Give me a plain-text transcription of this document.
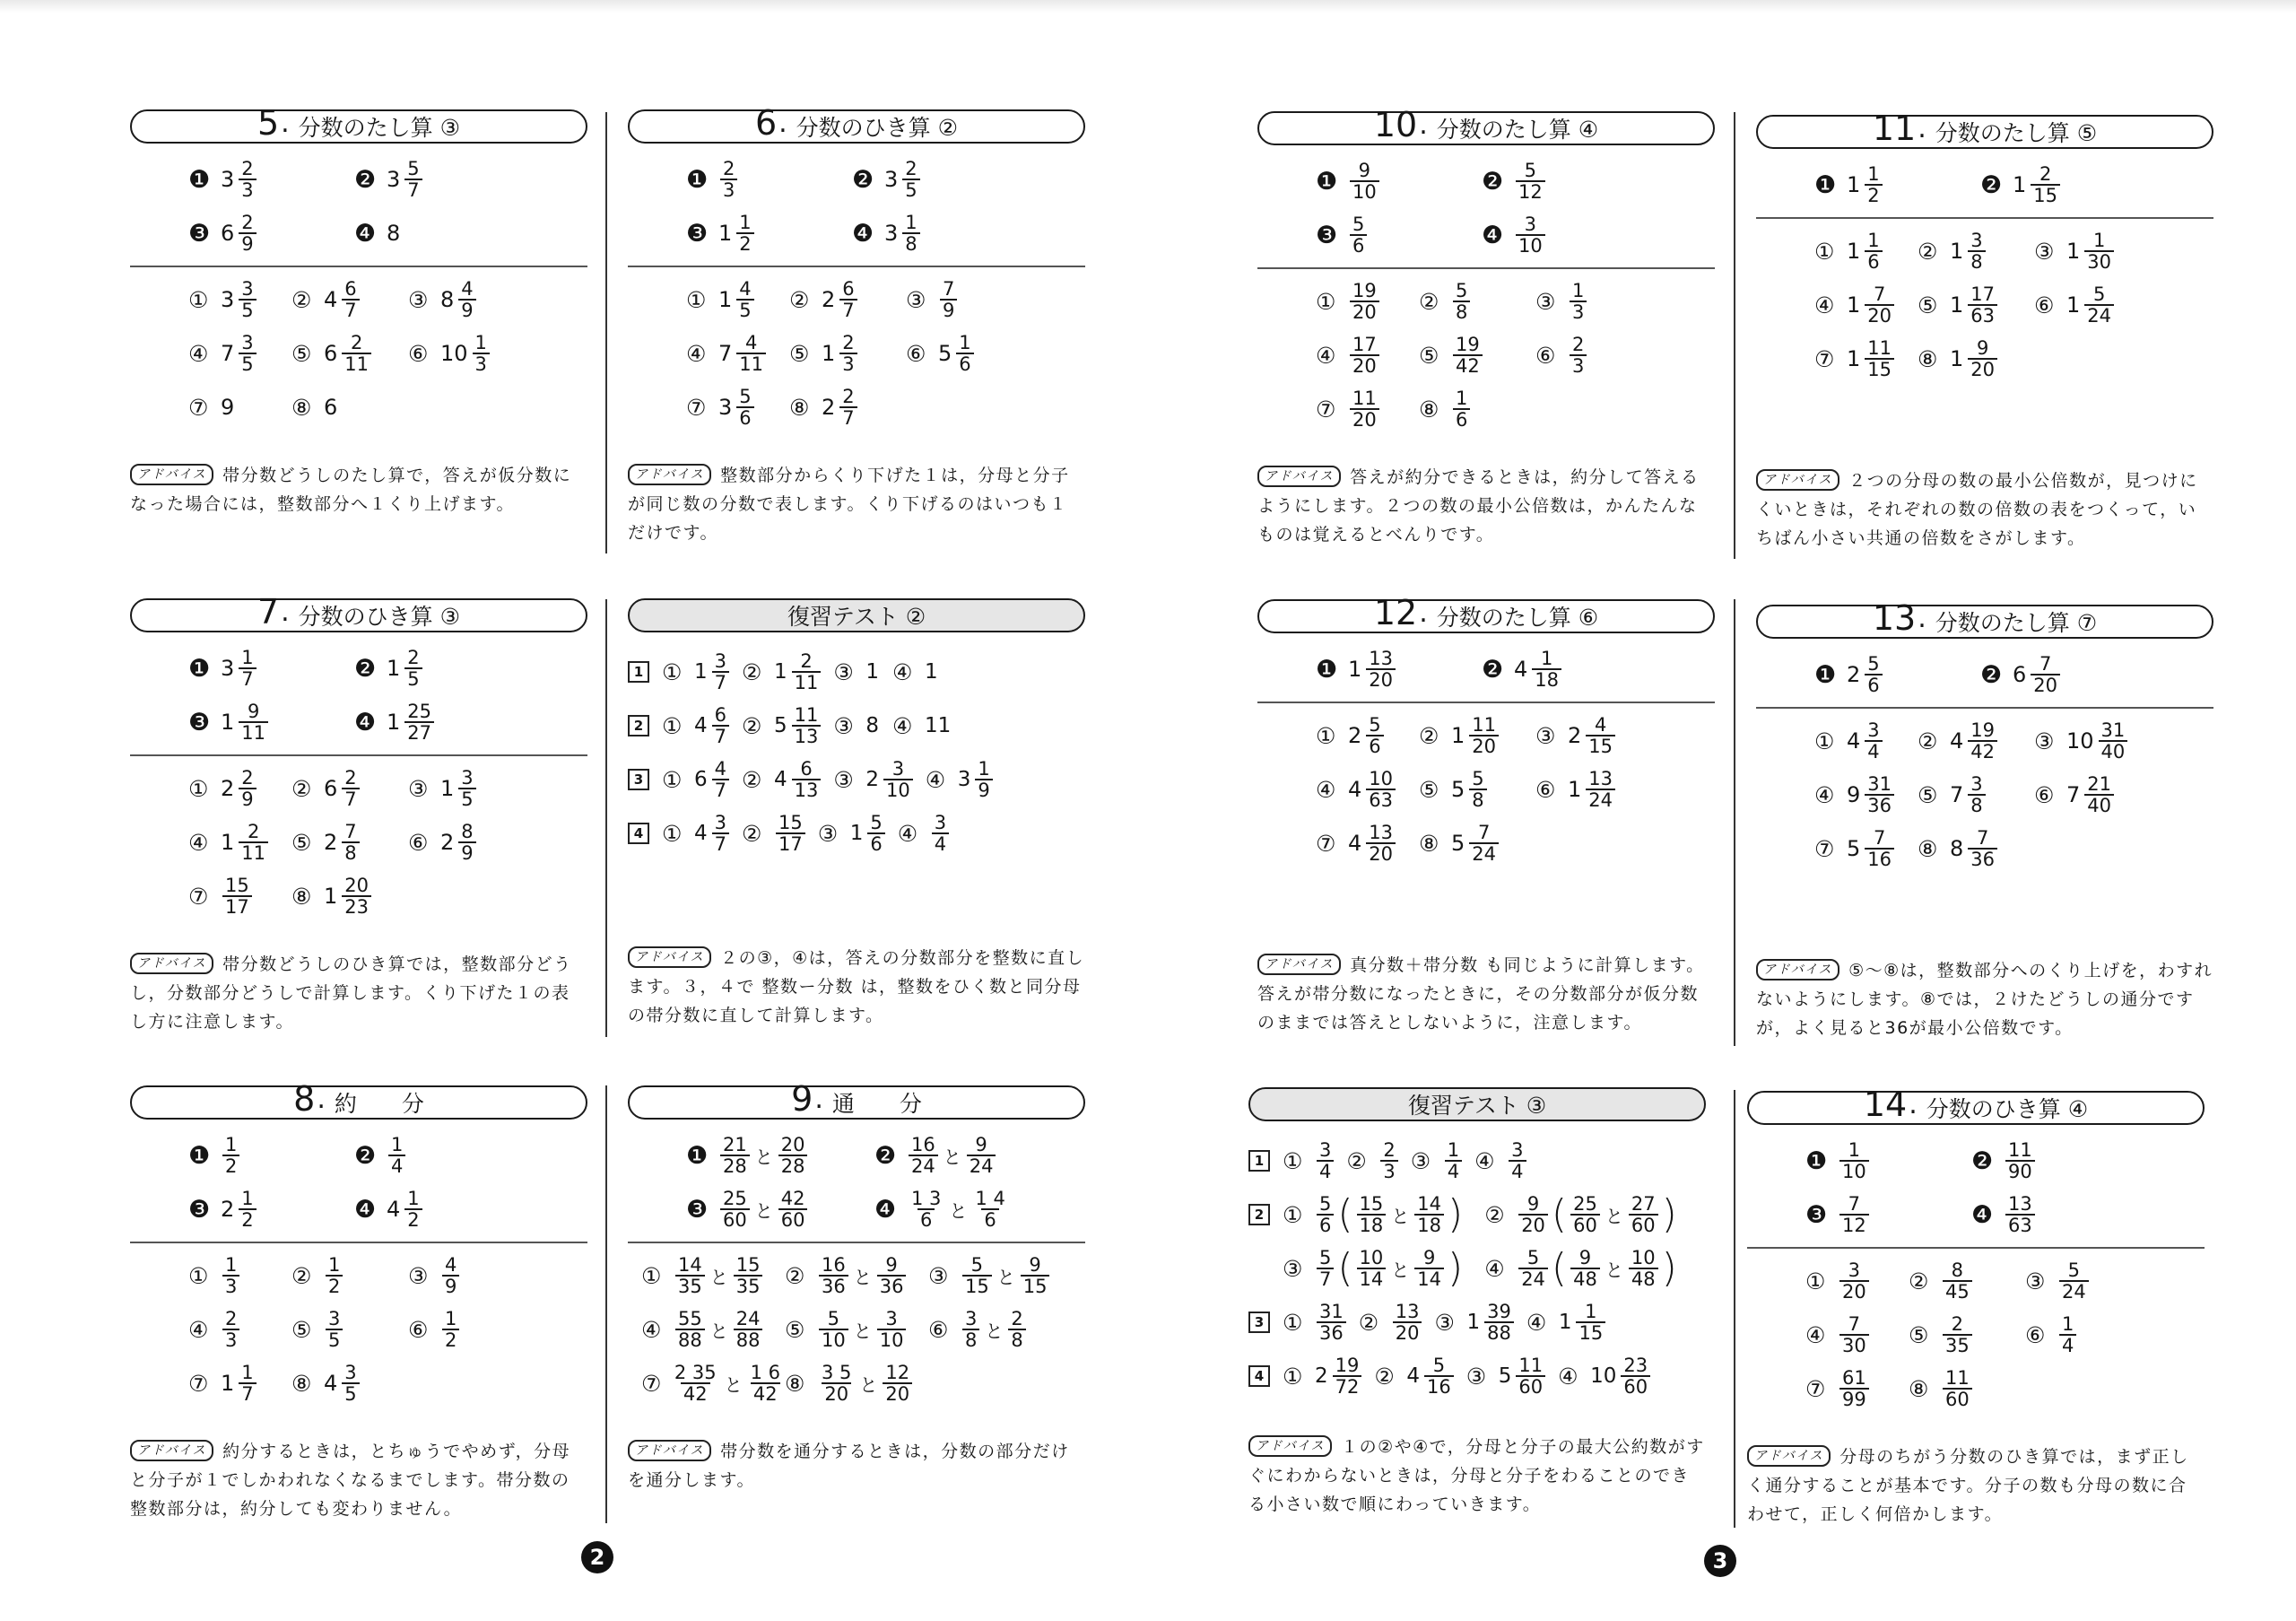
5 . 分数のたし算 ③
❶ $3 \frac{2}{3}$	❷ $3 \frac{5}{7}$
❸ $6 \frac{2}{9}$	❹ 8
① $3 \frac{3}{5}$ ② $4 \frac{6}{7}$ ③ $8 \frac{4}{9}$
④ $7 \frac{3}{5}$ ⑤ $6 \frac{2}{11}$ ⑥ $10 \frac{1}{3}$
⑦ 9	⑧ 6
アドバイス 帯分数どうしのたし算で，答えが仮分数になった場合には，整数部分へ１くり上げます。
6 . 分数のひき算 ②
❶ $\frac{2}{3}$	❷ $3 \frac{2}{5}$
❸ $1 \frac{1}{2}$	❹ $3 \frac{1}{8}$
① $1 \frac{4}{5}$ ② $2 \frac{6}{7}$ ③ $\frac{7}{9}$
④ $7 \frac{4}{11}$ ⑤ $1 \frac{2}{3}$ ⑥ $5 \frac{1}{6}$
⑦ $3 \frac{5}{6}$ ⑧ $2 \frac{2}{7}$
アドバイス 整数部分からくり下げた１は，分母と分子が同じ数の分数で表します。くり下げるのはいつも１だけです。
7 . 分数のひき算 ③
❶ $3 \frac{1}{7}$	❷ $1 \frac{2}{5}$
❸ $1 \frac{9}{11}$	❹ $1 \frac{25}{27}$
① $2 \frac{2}{9}$ ② $6 \frac{2}{7}$ ③ $1 \frac{3}{5}$
④ $1 \frac{2}{11}$ ⑤ $2 \frac{7}{8}$ ⑥ $2 \frac{8}{9}$
⑦ $\frac{15}{17}$ ⑧ $1 \frac{20}{23}$
アドバイス 帯分数どうしのひき算では，整数部分どうし，分数部分どうしで計算します。くり下げた１の表し方に注意します。
復習テスト ②
1 ① $1 \frac{3}{7}$ ② $1 \frac{2}{11}$ ③ 1 ④ 1
2 ① $4 \frac{6}{7}$ ② $5 \frac{11}{13}$ ③ 8 ④ 11
3 ① $6 \frac{4}{7}$ ② $4 \frac{6}{13}$ ③ $2 \frac{3}{10}$ ④ $3 \frac{1}{9}$
4 ① $4 \frac{3}{7}$ ② $\frac{15}{17}$ ③ $1 \frac{5}{6}$ ④ $\frac{3}{4}$
アドバイス ２の③，④は，答えの分数部分を整数に直します。３，４で 整数ー分数 は，整数をひく数と同分母の帯分数に直して計算します。
8 . 約　　分
❶ $\frac{1}{2}$	❷ $\frac{1}{4}$
❸ $2 \frac{1}{2}$	❹ $4 \frac{1}{2}$
① $\frac{1}{3}$ ② $\frac{1}{2}$	③ $\frac{4}{9}$
④ $\frac{2}{3}$ ⑤ $\frac{3}{5}$	⑥ $\frac{1}{2}$
⑦ $1 \frac{1}{7}$ ⑧ $4 \frac{3}{5}$
アドバイス 約分するときは，とちゅうでやめず，分母と分子が１でしかわれなくなるまでします。帯分数の整数部分は，約分しても変わりません。
9 . 通　　分
❶ $\frac{21}{28}$ と $\frac{20}{28}$	❷ $\frac{16}{24}$ と $\frac{9}{24}$
❸ $\frac{25}{60}$ と $\frac{42}{60}$	❹ $\frac{1 3}{6}$ と $\frac{1 4}{6}$
① $\frac{14}{35}$ と $\frac{15}{35}$ ② $\frac{16}{36}$ と $\frac{9}{36}$ ③ $\frac{5}{15}$ と $\frac{9}{15}$
④ $\frac{55}{88}$ と $\frac{24}{88}$ ⑤ $\frac{5}{10}$ と $\frac{3}{10}$ ⑥ $\frac{3}{8}$ と $\frac{2}{8}$
⑦ $\frac{2 35}{42}$ と $\frac{1 6}{42}$ ⑧ $\frac{3 5}{20}$ と $\frac{12}{20}$
アドバイス 帯分数を通分するときは，分数の部分だけを通分します。
10 . 分数のたし算 ④
❶ $\frac{9}{10}$	❷ $\frac{5}{12}$
❸ $\frac{5}{6}$	❹ $\frac{3}{10}$
① $\frac{19}{20}$ ② $\frac{5}{8}$	③ $\frac{1}{3}$
④ $\frac{17}{20}$ ⑤ $\frac{19}{42}$ ⑥ $\frac{2}{3}$
⑦ $\frac{11}{20}$ ⑧ $\frac{1}{6}$
アドバイス 答えが約分できるときは，約分して答えるようにします。２つの数の最小公倍数は，かんたんなものは覚えるとべんりです。
11 . 分数のたし算 ⑤
❶ $1 \frac{1}{2}$	❷ $1 \frac{2}{15}$
① $1 \frac{1}{6}$ ② $1 \frac{3}{8}$ ③ $1 \frac{1}{30}$
④ $1 \frac{7}{20}$ ⑤ $1 \frac{17}{63}$ ⑥ $1 \frac{5}{24}$
⑦ $1 \frac{11}{15}$ ⑧ $1 \frac{9}{20}$
アドバイス ２つの分母の数の最小公倍数が，見つけにくいときは，それぞれの数の倍数の表をつくって，いちばん小さい共通の倍数をさがします。
12 . 分数のたし算 ⑥
❶ $1 \frac{13}{20}$	❷ $4 \frac{1}{18}$
① $2 \frac{5}{6}$ ② $1 \frac{11}{20}$ ③ $2 \frac{4}{15}$
④ $4 \frac{10}{63}$ ⑤ $5 \frac{5}{8}$ ⑥ $1 \frac{13}{24}$
⑦ $4 \frac{13}{20}$ ⑧ $5 \frac{7}{24}$
アドバイス 真分数＋帯分数 も同じように計算します。答えが帯分数になったときに，その分数部分が仮分数のままでは答えとしないように，注意します。
13 . 分数のたし算 ⑦
❶ $2 \frac{5}{6}$	❷ $6 \frac{7}{20}$
① $4 \frac{3}{4}$ ② $4 \frac{19}{42}$ ③ $10 \frac{31}{40}$
④ $9 \frac{31}{36}$ ⑤ $7 \frac{3}{8}$ ⑥ $7 \frac{21}{40}$
⑦ $5 \frac{7}{16}$ ⑧ $8 \frac{7}{36}$
アドバイス ⑤～⑧は，整数部分へのくり上げを，わすれないようにします。⑧では，２けたどうしの通分ですが，よく見ると36が最小公倍数です。
復習テスト ③
1 ① $\frac{3}{4}$ ② $\frac{2}{3}$ ③ $\frac{1}{4}$ ④ $\frac{3}{4}$
2 ① $\frac{5}{6}$ ( $\frac{15}{18}$ と $\frac{14}{18}$ ) ② $\frac{9}{20}$ ( $\frac{25}{60}$ と $\frac{27}{60}$ )
③ $\frac{5}{7}$ ( $\frac{10}{14}$ と $\frac{9}{14}$ ) ④ $\frac{5}{24}$ ( $\frac{9}{48}$ と $\frac{10}{48}$ )
3 ① $\frac{31}{36}$ ② $\frac{13}{20}$ ③ $1 \frac{39}{88}$ ④ $1 \frac{1}{15}$
4 ① $2 \frac{19}{72}$ ② $4 \frac{5}{16}$ ③ $5 \frac{11}{60}$ ④ $10 \frac{23}{60}$
アドバイス １の②や④で，分母と分子の最大公約数がすぐにわからないときは，分母と分子をわることのできる小さい数で順にわっていきます。
14 . 分数のひき算 ④
❶ $\frac{1}{10}$	❷ $\frac{11}{90}$
❸ $\frac{7}{12}$	❹ $\frac{13}{63}$
① $\frac{3}{20}$ ② $\frac{8}{45}$ ③ $\frac{5}{24}$
④ $\frac{7}{30}$ ⑤ $\frac{2}{35}$ ⑥ $\frac{1}{4}$
⑦ $\frac{61}{99}$ ⑧ $\frac{11}{60}$
アドバイス 分母のちがう分数のひき算では，まず正しく通分することが基本です。分子の数も分母の数に合わせて，正しく何倍かします。
2	3
